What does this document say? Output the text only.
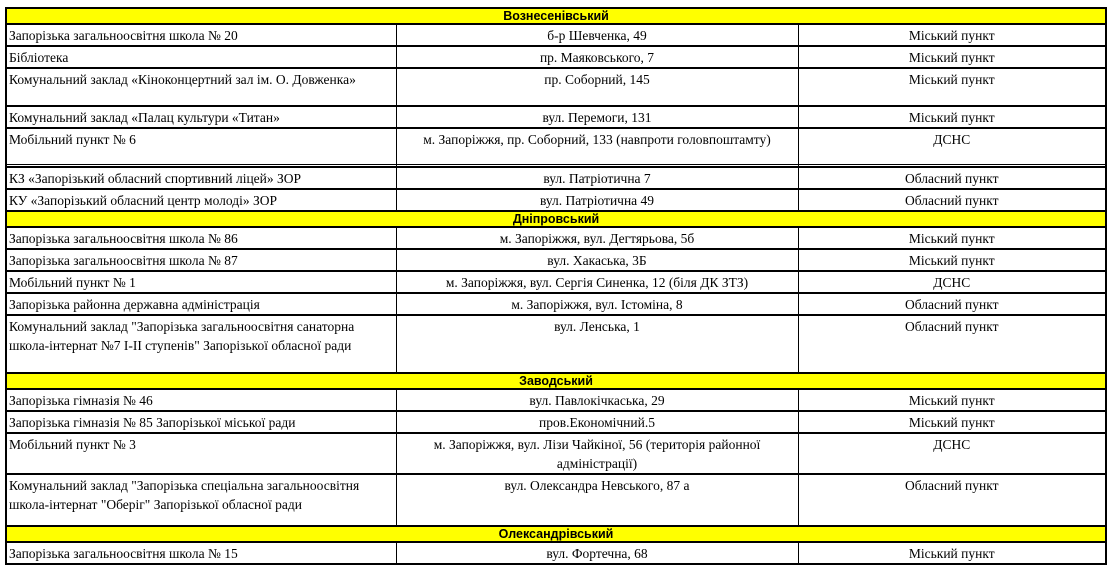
Вознесенівський		
Запорізька загальноосвітня школа № 20	б-р Шевченка, 49	Міський пункт
Бібліотека	пр. Маяковського, 7	Міський пункт
Комунальний заклад «Кіноконцертний зал ім. О. Довженка»	пр. Соборний, 145	Міський пункт
Комунальний заклад «Палац культури «Титан»	вул. Перемоги, 131	Міський пункт
Мобільний пункт № 6	м. Запоріжжя, пр. Соборний, 133 (навпроти головпоштамту)	ДСНС

КЗ «Запорізький обласний спортивний ліцей» ЗОР	вул. Патріотична 7	Обласний пункт
КУ «Запорізький обласний центр молоді» ЗОР	вул. Патріотична 49	Обласний пункт
Дніпровський		
Запорізька загальноосвітня школа № 86	м. Запоріжжя, вул. Дегтярьова, 5б	Міський пункт
Запорізька загальноосвітня школа № 87	вул. Хакаська, 3Б	Міський пункт
Мобільний пункт № 1	м. Запоріжжя, вул. Сергія Синенка, 12 (біля ДК ЗТЗ)	ДСНС
Запорізька районна державна адміністрація	м. Запоріжжя, вул. Істоміна, 8	Обласний пункт
Комунальний заклад "Запорізька загальноосвітня санаторна школа-інтернат №7 І-ІІ ступенів" Запорізької обласної ради	вул. Ленська, 1	Обласний пункт
Заводський		
Запорізька гімназія № 46	вул. Павлокічкаська, 29	Міський пункт
Запорізька гімназія № 85 Запорізької міської ради	пров.Економічний.5	Міський пункт
Мобільний пункт № 3	м. Запоріжжя, вул. Лізи Чайкіної, 56 (територія районної адміністрації)	ДСНС
Комунальний заклад "Запорізька спеціальна загальноосвітня школа-інтернат "Оберіг" Запорізької обласної ради	вул. Олександра Невського, 87 а	Обласний пункт
Олександрівський		
Запорізька загальноосвітня школа № 15	вул. Фортечна, 68	Міський пункт
